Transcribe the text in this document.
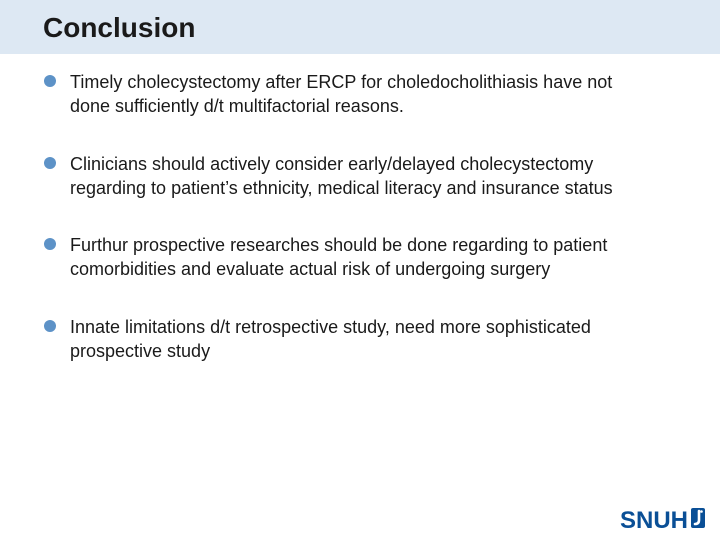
Conclusion
Timely cholecystectomy after ERCP for choledocholithiasis have not
done sufficiently d/t multifactorial reasons.
Clinicians should actively consider early/delayed cholecystectomy
regarding to patient’s ethnicity, medical literacy and insurance status
Furthur prospective researches should be done regarding to patient
comorbidities and evaluate actual risk of undergoing surgery
Innate limitations d/t retrospective study, need more sophisticated
prospective study
SNUH
